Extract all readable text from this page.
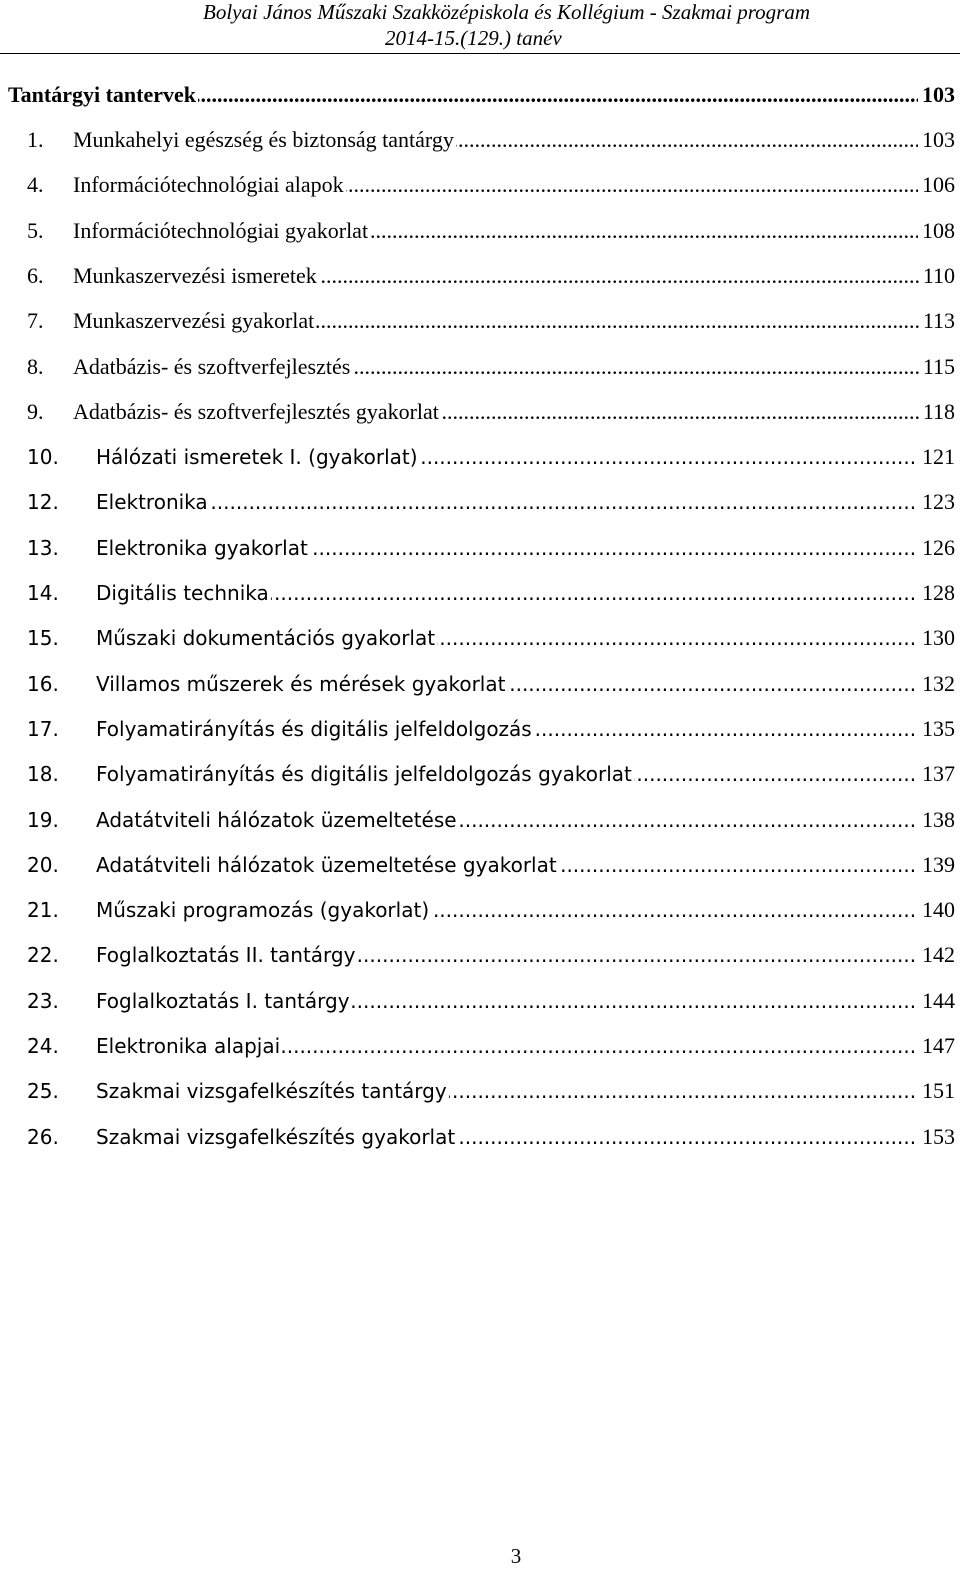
Bolyai János Műszaki Szakközépiskola és Kollégium - Szakmai program
2014-15.(129.) tanév
.....
Tantárgyi tantervek	103
.....
1. Munkahelyi egészség és biztonság tantárgy	103
.....
4. Információtechnológiai alapok	106
.....
5. Információtechnológiai gyakorlat	108
.....
6. Munkaszervezési ismeretek	110
.....
7. Munkaszervezési gyakorlat	113
.....
8. Adatbázis- és szoftverfejlesztés	115
.....
9. Adatbázis- és szoftverfejlesztés gyakorlat	118
.....
10. Hálózati ismeretek I. (gyakorlat)	121
.....
12. Elektronika	123
.....
13. Elektronika gyakorlat	126
.....
14. Digitális technika	128
.....
15. Műszaki dokumentációs gyakorlat	130
.....
16. Villamos műszerek és mérések gyakorlat	132
.....
17. Folyamatirányítás és digitális jelfeldolgozás	135
.....
18. Folyamatirányítás és digitális jelfeldolgozás gyakorlat	137
.....
19. Adatátviteli hálózatok üzemeltetése	138
.....
20. Adatátviteli hálózatok üzemeltetése gyakorlat	139
.....
21. Műszaki programozás (gyakorlat)	140
.....
22. Foglalkoztatás II. tantárgy	142
.....
23. Foglalkoztatás I. tantárgy	144
.....
24. Elektronika alapjai	147
.....
25. Szakmai vizsgafelkészítés tantárgy	151
.....
26. Szakmai vizsgafelkészítés gyakorlat	153
3
